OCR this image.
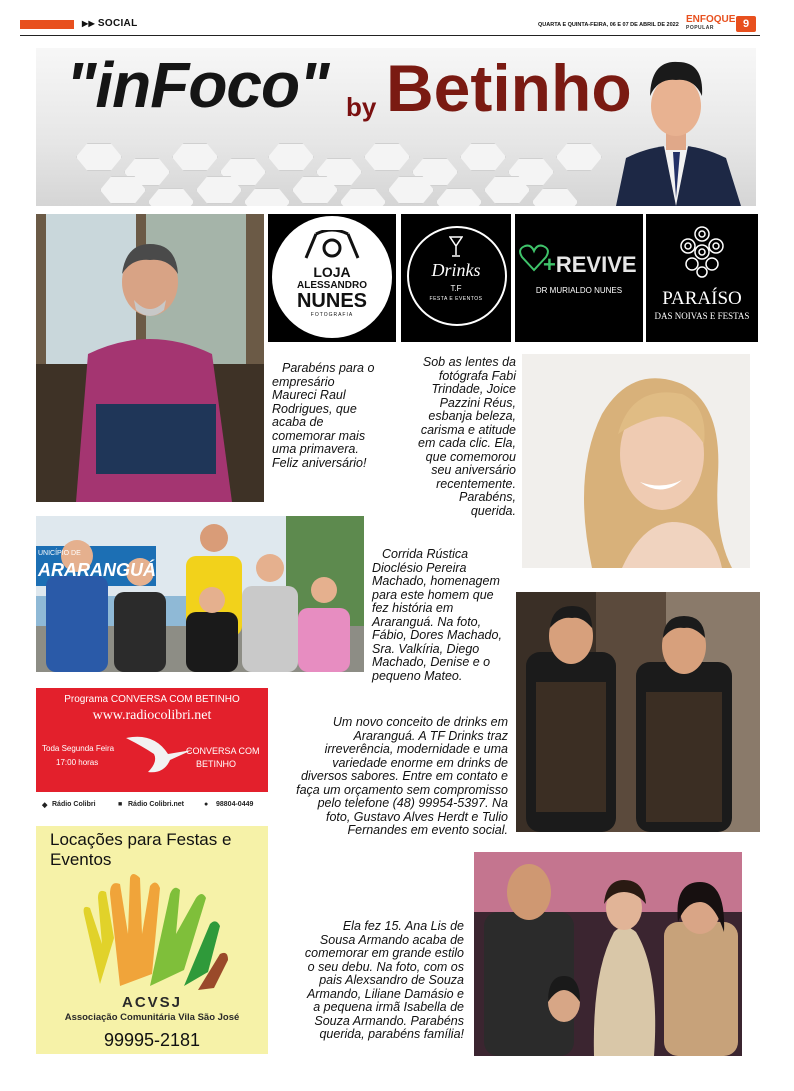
▶▶ SOCIAL	QUARTA E QUINTA-FEIRA, 06 E 07 DE ABRIL DE 2022 ENFOQUE
POPULAR	9
"inFoco" by Betinho
LOJA
ALESSANDRO
NUNES
FOTOGRAFIA
Drinks
T.F
FESTA E EVENTOS
+REVIVE
DR MURIALDO NUNES	PARAÍSO
DAS NOIVAS E FESTAS
Parabéns para o empresário Maureci Raul Rodrigues, que acaba de comemorar mais uma primavera. Feliz aniversário!
Sob as lentes da fotógrafa Fabi Trindade, Joice Pazzini Réus, esbanja beleza, carisma e atitude em cada clic. Ela, que comemorou seu aniversário recentemente. Parabéns, querida.
UNICÍPIO DE
ARARANGUÁ
Corrida Rústica Dioclésio Pereira Machado, homenagem para este homem que fez história em Araranguá. Na foto, Fábio, Dores Machado, Sra. Valkíria, Diego Machado, Denise e o pequeno Mateo.
Um novo conceito de drinks em Araranguá. A TF Drinks traz irreverência, modernidade e uma variedade enorme em drinks de diversos sabores. Entre em contato e faça um orçamento sem compromisso pelo telefone (48) 99954-5397. Na foto, Gustavo Alves Herdt e Tulio Fernandes em evento social.
Programa CONVERSA COM BETINHO
www.radiocolibri.net
Toda Segunda Feira
17:00 horas
CONVERSA COM
BETINHO
◆ Rádio Colibri	■ Rádio Colibri.net	● 98804-0449
Locações para Festas e
Eventos
ACVSJ
Associação Comunitária Vila São José
99995-2181
Ela fez 15. Ana Lis de Sousa Armando acaba de comemorar em grande estilo o seu debu. Na foto, com os pais Alexsandro de Souza Armando, Liliane Damásio e a pequena irmã Isabella de Souza Armando. Parabéns querida, parabéns família!
